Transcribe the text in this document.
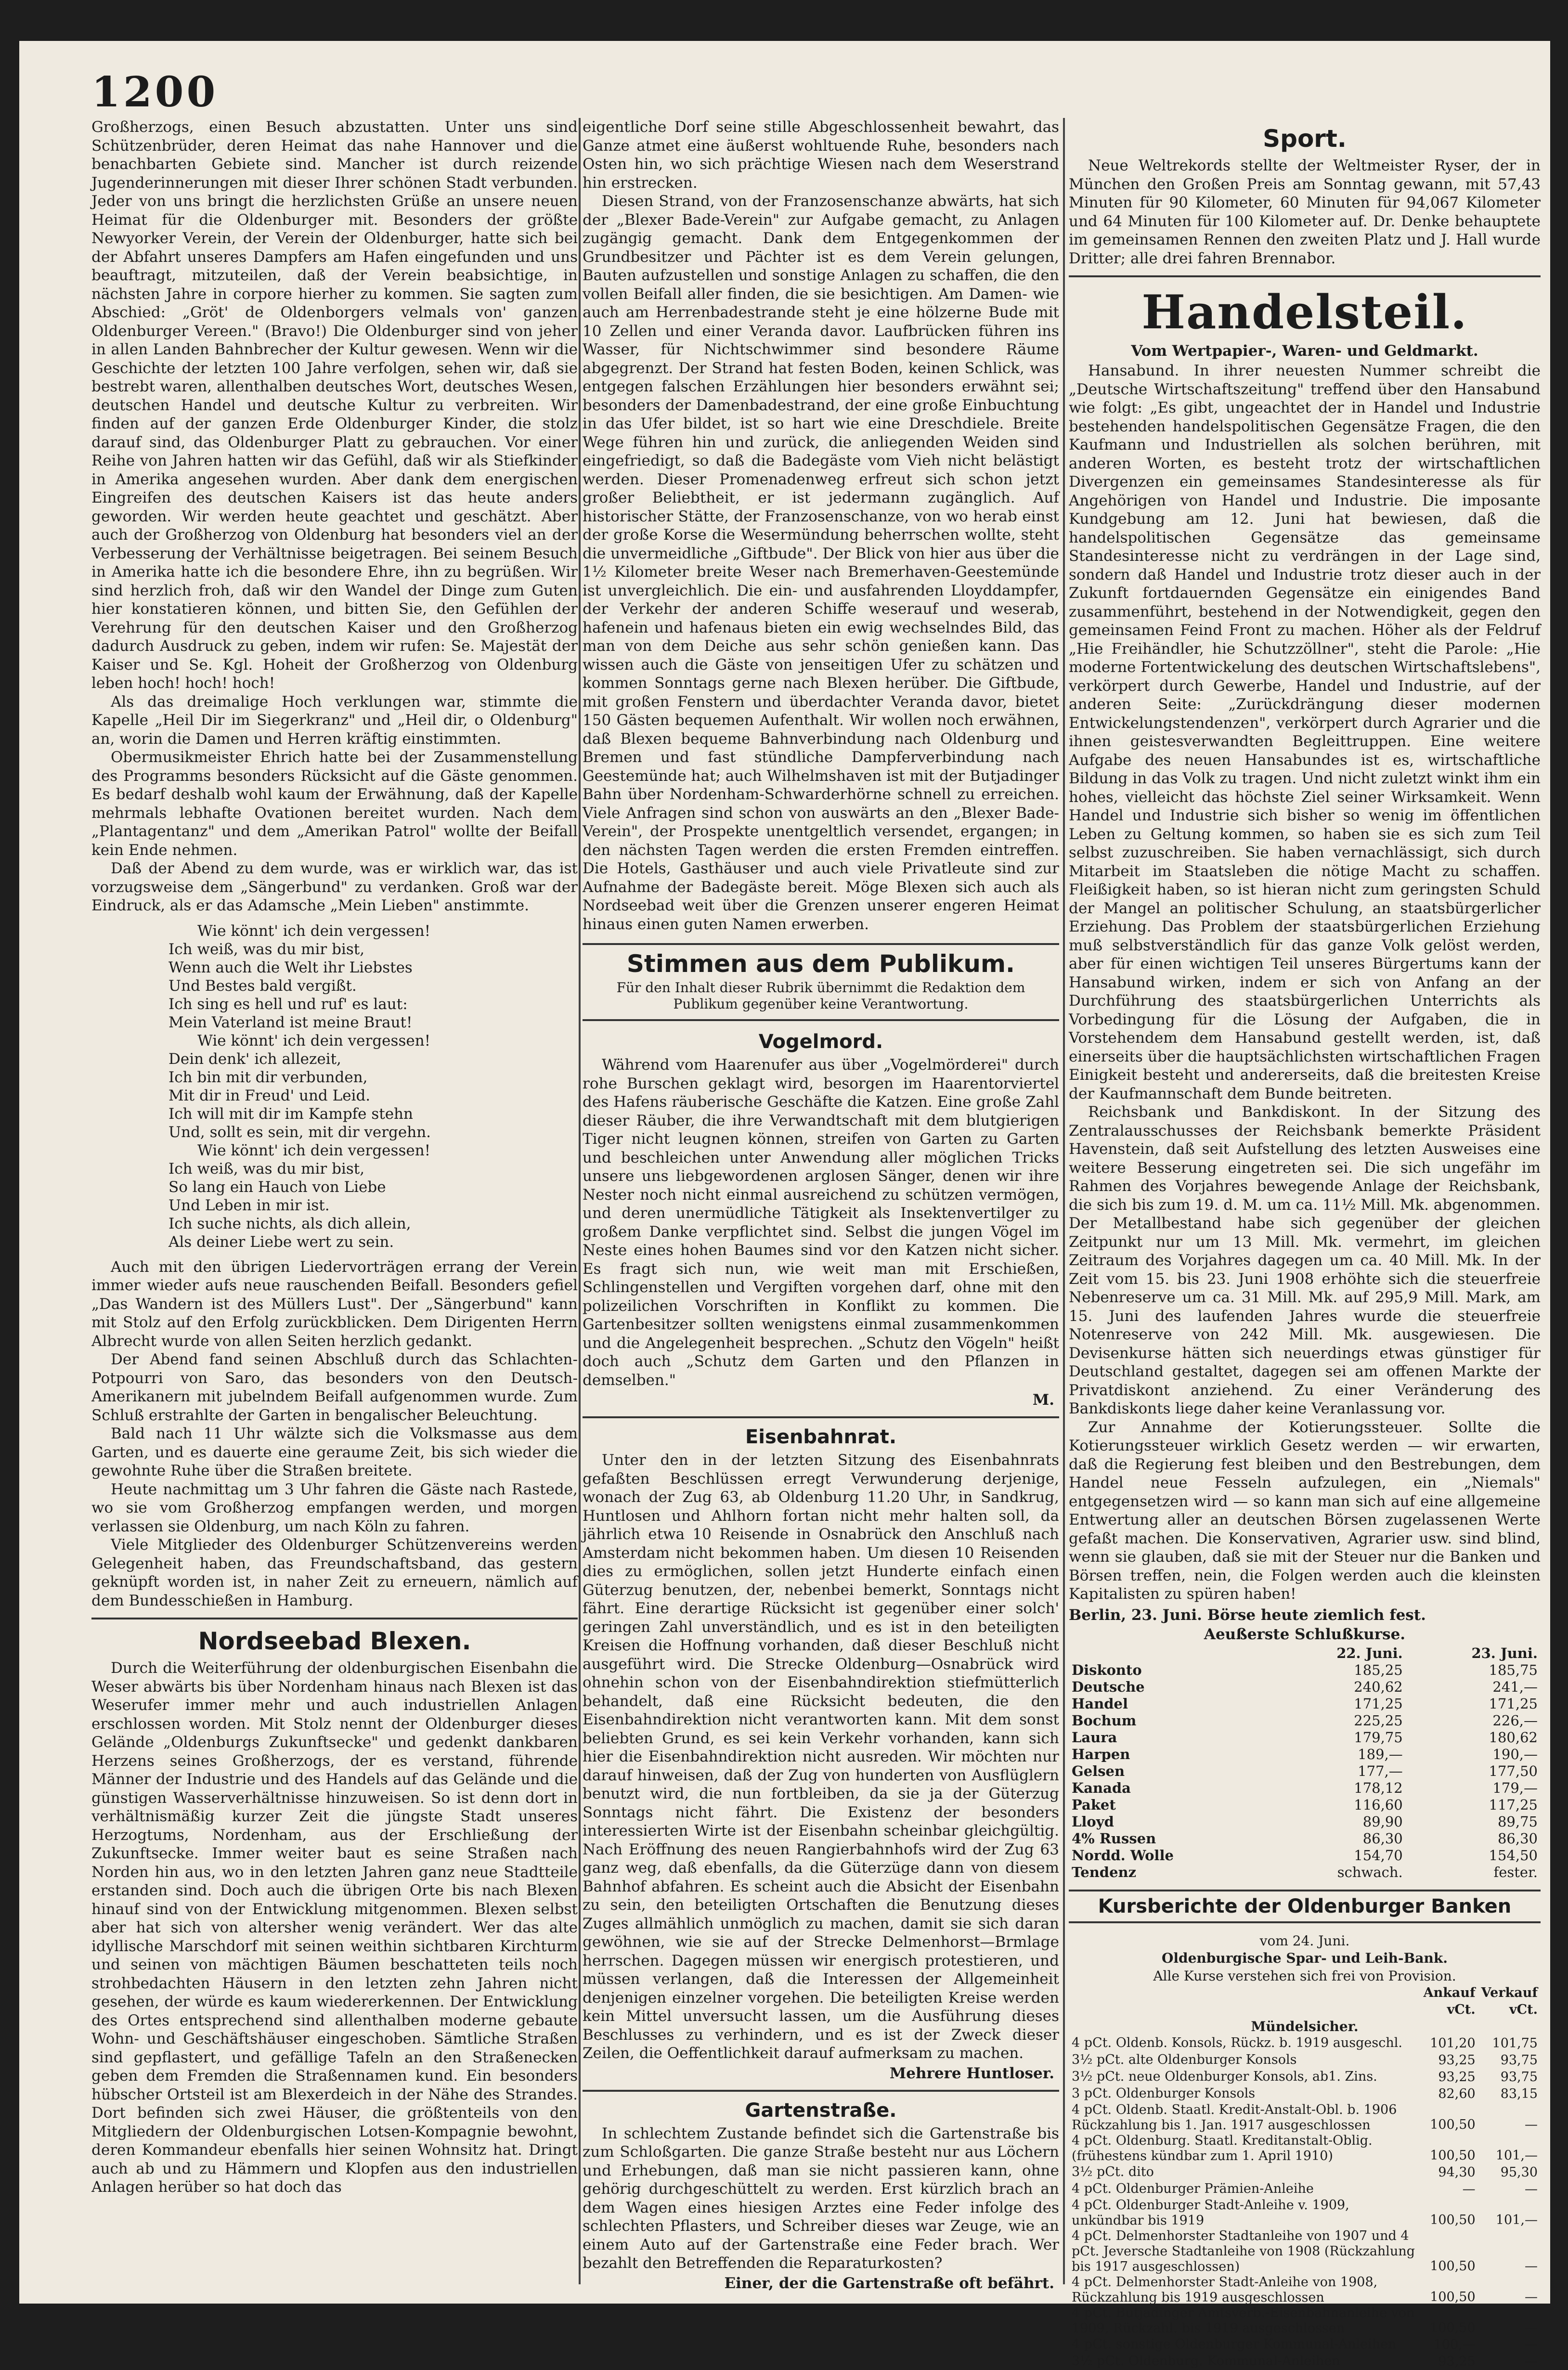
1200

Großherzogs, einen Besuch abzustatten. Unter uns sind Schützenbrüder, deren Heimat das nahe Hannover und die benachbarten Gebiete sind. Mancher ist durch reizende Jugenderinnerungen mit dieser Ihrer schönen Stadt verbunden. Jeder von uns bringt die herzlichsten Grüße an unsere neuen Heimat für die Oldenburger mit. Besonders der größte Newyorker Verein, der Verein der Oldenburger, hatte sich bei der Abfahrt unseres Dampfers am Hafen eingefunden und uns beauftragt, mitzuteilen, daß der Verein beabsichtige, in nächsten Jahre in corpore hierher zu kommen. Sie sagten zum Abschied: „Gröt' de Oldenborgers velmals von' ganzen Oldenburger Vereen." (Bravo!) Die Oldenburger sind von jeher in allen Landen Bahnbrecher der Kultur gewesen. Wenn wir die Geschichte der letzten 100 Jahre verfolgen, sehen wir, daß sie bestrebt waren, allenthalben deutsches Wort, deutsches Wesen, deutschen Handel und deutsche Kultur zu verbreiten. Wir finden auf der ganzen Erde Oldenburger Kinder, die stolz darauf sind, das Oldenburger Platt zu gebrauchen. Vor einer Reihe von Jahren hatten wir das Gefühl, daß wir als Stiefkinder in Amerika angesehen wurden. Aber dank dem energischen Eingreifen des deutschen Kaisers ist das heute anders geworden. Wir werden heute geachtet und geschätzt. Aber auch der Großherzog von Oldenburg hat besonders viel an der Verbesserung der Verhältnisse beigetragen. Bei seinem Besuch in Amerika hatte ich die besondere Ehre, ihn zu begrüßen. Wir sind herzlich froh, daß wir den Wandel der Dinge zum Guten hier konstatieren können, und bitten Sie, den Gefühlen der Verehrung für den deutschen Kaiser und den Großherzog dadurch Ausdruck zu geben, indem wir rufen: Se. Majestät der Kaiser und Se. Kgl. Hoheit der Großherzog von Oldenburg leben hoch! hoch! hoch!

Als das dreimalige Hoch verklungen war, stimmte die Kapelle „Heil Dir im Siegerkranz" und „Heil dir, o Oldenburg" an, worin die Damen und Herren kräftig einstimmten.

Obermusikmeister Ehrich hatte bei der Zusammenstellung des Programms besonders Rücksicht auf die Gäste genommen. Es bedarf deshalb wohl kaum der Erwähnung, daß der Kapelle mehrmals lebhafte Ovationen bereitet wurden. Nach dem „Plantagentanz" und dem „Amerikan Patrol" wollte der Beifall kein Ende nehmen.

Daß der Abend zu dem wurde, was er wirklich war, das ist vorzugsweise dem „Sängerbund" zu verdanken. Groß war der Eindruck, als er das Adamsche „Mein Lieben" anstimmte.

Wie könnt' ich dein vergessen!
Ich weiß, was du mir bist,
Wenn auch die Welt ihr Liebstes
Und Bestes bald vergißt.
Ich sing es hell und ruf' es laut:
Mein Vaterland ist meine Braut!
Wie könnt' ich dein vergessen!
Dein denk' ich allezeit,
Ich bin mit dir verbunden,
Mit dir in Freud' und Leid.
Ich will mit dir im Kampfe stehn
Und, sollt es sein, mit dir vergehn.
Wie könnt' ich dein vergessen!
Ich weiß, was du mir bist,
So lang ein Hauch von Liebe
Und Leben in mir ist.
Ich suche nichts, als dich allein,
Als deiner Liebe wert zu sein.

Auch mit den übrigen Liedervorträgen errang der Verein immer wieder aufs neue rauschenden Beifall. Besonders gefiel „Das Wandern ist des Müllers Lust". Der „Sängerbund" kann mit Stolz auf den Erfolg zurückblicken. Dem Dirigenten Herrn Albrecht wurde von allen Seiten herzlich gedankt.

Der Abend fand seinen Abschluß durch das Schlachten-Potpourri von Saro, das besonders von den Deutsch-Amerikanern mit jubelndem Beifall aufgenommen wurde. Zum Schluß erstrahlte der Garten in bengalischer Beleuchtung.

Bald nach 11 Uhr wälzte sich die Volksmasse aus dem Garten, und es dauerte eine geraume Zeit, bis sich wieder die gewohnte Ruhe über die Straßen breitete.

Heute nachmittag um 3 Uhr fahren die Gäste nach Rastede, wo sie vom Großherzog empfangen werden, und morgen verlassen sie Oldenburg, um nach Köln zu fahren.

Viele Mitglieder des Oldenburger Schützenvereins werden Gelegenheit haben, das Freundschaftsband, das gestern geknüpft worden ist, in naher Zeit zu erneuern, nämlich auf dem Bundesschießen in Hamburg.

Nordseebad Blexen.

Durch die Weiterführung der oldenburgischen Eisenbahn die Weser abwärts bis über Nordenham hinaus nach Blexen ist das Weserufer immer mehr und auch industriellen Anlagen erschlossen worden. Mit Stolz nennt der Oldenburger dieses Gelände „Oldenburgs Zukunftsecke" und gedenkt dankbaren Herzens seines Großherzogs, der es verstand, führende Männer der Industrie und des Handels auf das Gelände und die günstigen Wasserverhältnisse hinzuweisen. So ist denn dort in verhältnismäßig kurzer Zeit die jüngste Stadt unseres Herzogtums, Nordenham, aus der Erschließung der Zukunftsecke. Immer weiter baut es seine Straßen nach Norden hin aus, wo in den letzten Jahren ganz neue Stadtteile erstanden sind. Doch auch die übrigen Orte bis nach Blexen hinauf sind von der Entwicklung mitgenommen. Blexen selbst aber hat sich von altersher wenig verändert. Wer das alte idyllische Marschdorf mit seinen weithin sichtbaren Kirchturm und seinen von mächtigen Bäumen beschatteten teils noch strohbedachten Häusern in den letzten zehn Jahren nicht gesehen, der würde es kaum wiedererkennen. Der Entwicklung des Ortes entsprechend sind allenthalben moderne gebaute Wohn- und Geschäftshäuser eingeschoben. Sämtliche Straßen sind gepflastert, und gefällige Tafeln an den Straßenecken geben dem Fremden die Straßennamen kund. Ein besonders hübscher Ortsteil ist am Blexerdeich in der Nähe des Strandes. Dort befinden sich zwei Häuser, die größtenteils von den Mitgliedern der Oldenburgischen Lotsen-Kompagnie bewohnt, deren Kommandeur ebenfalls hier seinen Wohnsitz hat. Dringt auch ab und zu Hämmern und Klopfen aus den industriellen Anlagen herüber so hat doch das

eigentliche Dorf seine stille Abgeschlossenheit bewahrt, das Ganze atmet eine äußerst wohltuende Ruhe, besonders nach Osten hin, wo sich prächtige Wiesen nach dem Weserstrand hin erstrecken.

Diesen Strand, von der Franzosenschanze abwärts, hat sich der „Blexer Bade-Verein" zur Aufgabe gemacht, zu Anlagen zugängig gemacht. Dank dem Entgegenkommen der Grundbesitzer und Pächter ist es dem Verein gelungen, Bauten aufzustellen und sonstige Anlagen zu schaffen, die den vollen Beifall aller finden, die sie besichtigen. Am Damen- wie auch am Herrenbadestrande steht je eine hölzerne Bude mit 10 Zellen und einer Veranda davor. Laufbrücken führen ins Wasser, für Nichtschwimmer sind besondere Räume abgegrenzt. Der Strand hat festen Boden, keinen Schlick, was entgegen falschen Erzählungen hier besonders erwähnt sei; besonders der Damenbadestrand, der eine große Einbuchtung in das Ufer bildet, ist so hart wie eine Dreschdiele. Breite Wege führen hin und zurück, die anliegenden Weiden sind eingefriedigt, so daß die Badegäste vom Vieh nicht belästigt werden. Dieser Promenadenweg erfreut sich schon jetzt großer Beliebtheit, er ist jedermann zugänglich. Auf historischer Stätte, der Franzosenschanze, von wo herab einst der große Korse die Wesermündung beherrschen wollte, steht die unvermeidliche „Giftbude". Der Blick von hier aus über die 1½ Kilometer breite Weser nach Bremerhaven-Geestemünde ist unvergleichlich. Die ein- und ausfahrenden Lloyddampfer, der Verkehr der anderen Schiffe weserauf und weserab, hafenein und hafenaus bieten ein ewig wechselndes Bild, das man von dem Deiche aus sehr schön genießen kann. Das wissen auch die Gäste von jenseitigen Ufer zu schätzen und kommen Sonntags gerne nach Blexen herüber. Die Giftbude, mit großen Fenstern und überdachter Veranda davor, bietet 150 Gästen bequemen Aufenthalt. Wir wollen noch erwähnen, daß Blexen bequeme Bahnverbindung nach Oldenburg und Bremen und fast stündliche Dampferverbindung nach Geestemünde hat; auch Wilhelmshaven ist mit der Butjadinger Bahn über Nordenham-Schwarderhörne schnell zu erreichen. Viele Anfragen sind schon von auswärts an den „Blexer Bade-Verein", der Prospekte unentgeltlich versendet, ergangen; in den nächsten Tagen werden die ersten Fremden eintreffen. Die Hotels, Gasthäuser und auch viele Privatleute sind zur Aufnahme der Badegäste bereit. Möge Blexen sich auch als Nordseebad weit über die Grenzen unserer engeren Heimat hinaus einen guten Namen erwerben.

Stimmen aus dem Publikum.
Für den Inhalt dieser Rubrik übernimmt die Redaktion dem Publikum gegenüber keine Verantwortung.
Vogelmord.

Während vom Haarenufer aus über „Vogelmörderei" durch rohe Burschen geklagt wird, besorgen im Haarentorviertel des Hafens räuberische Geschäfte die Katzen. Eine große Zahl dieser Räuber, die ihre Verwandtschaft mit dem blutgierigen Tiger nicht leugnen können, streifen von Garten zu Garten und beschleichen unter Anwendung aller möglichen Tricks unsere uns liebgewordenen arglosen Sänger, denen wir ihre Nester noch nicht einmal ausreichend zu schützen vermögen, und deren unermüdliche Tätigkeit als Insektenvertilger zu großem Danke verpflichtet sind. Selbst die jungen Vögel im Neste eines hohen Baumes sind vor den Katzen nicht sicher. Es fragt sich nun, wie weit man mit Erschießen, Schlingenstellen und Vergiften vorgehen darf, ohne mit den polizeilichen Vorschriften in Konflikt zu kommen. Die Gartenbesitzer sollten wenigstens einmal zusammenkommen und die Angelegenheit besprechen. „Schutz den Vögeln" heißt doch auch „Schutz dem Garten und den Pflanzen in demselben."

M.
Eisenbahnrat.

Unter den in der letzten Sitzung des Eisenbahnrats gefaßten Beschlüssen erregt Verwunderung derjenige, wonach der Zug 63, ab Oldenburg 11.20 Uhr, in Sandkrug, Huntlosen und Ahlhorn fortan nicht mehr halten soll, da jährlich etwa 10 Reisende in Osnabrück den Anschluß nach Amsterdam nicht bekommen haben. Um diesen 10 Reisenden dies zu ermöglichen, sollen jetzt Hunderte einfach einen Güterzug benutzen, der, nebenbei bemerkt, Sonntags nicht fährt. Eine derartige Rücksicht ist gegenüber einer solch' geringen Zahl unverständlich, und es ist in den beteiligten Kreisen die Hoffnung vorhanden, daß dieser Beschluß nicht ausgeführt wird. Die Strecke Oldenburg—Osnabrück wird ohnehin schon von der Eisenbahndirektion stiefmütterlich behandelt, daß eine Rücksicht bedeuten, die den Eisenbahndirektion nicht verantworten kann. Mit dem sonst beliebten Grund, es sei kein Verkehr vorhanden, kann sich hier die Eisenbahndirektion nicht ausreden. Wir möchten nur darauf hinweisen, daß der Zug von hunderten von Ausflüglern benutzt wird, die nun fortbleiben, da sie ja der Güterzug Sonntags nicht fährt. Die Existenz der besonders interessierten Wirte ist der Eisenbahn scheinbar gleichgültig. Nach Eröffnung des neuen Rangierbahnhofs wird der Zug 63 ganz weg, daß ebenfalls, da die Güterzüge dann von diesem Bahnhof abfahren. Es scheint auch die Absicht der Eisenbahn zu sein, den beteiligten Ortschaften die Benutzung dieses Zuges allmählich unmöglich zu machen, damit sie sich daran gewöhnen, wie sie auf der Strecke Delmenhorst—Brmlage herrschen. Dagegen müssen wir energisch protestieren, und müssen verlangen, daß die Interessen der Allgemeinheit denjenigen einzelner vorgehen. Die beteiligten Kreise werden kein Mittel unversucht lassen, um die Ausführung dieses Beschlusses zu verhindern, und es ist der Zweck dieser Zeilen, die Oeffentlichkeit darauf aufmerksam zu machen.

Mehrere Huntloser.
Gartenstraße.

In schlechtem Zustande befindet sich die Gartenstraße bis zum Schloßgarten. Die ganze Straße besteht nur aus Löchern und Erhebungen, daß man sie nicht passieren kann, ohne gehörig durchgeschüttelt zu werden. Erst kürzlich brach an dem Wagen eines hiesigen Arztes eine Feder infolge des schlechten Pflasters, und Schreiber dieses war Zeuge, wie an einem Auto auf der Gartenstraße eine Feder brach. Wer bezahlt den Betreffenden die Reparaturkosten?

Einer, der die Gartenstraße oft befährt.
Sport.

Neue Weltrekords stellte der Weltmeister Ryser, der in München den Großen Preis am Sonntag gewann, mit 57,43 Minuten für 90 Kilometer, 60 Minuten für 94,067 Kilometer und 64 Minuten für 100 Kilometer auf. Dr. Denke behauptete im gemeinsamen Rennen den zweiten Platz und J. Hall wurde Dritter; alle drei fahren Brennabor.

Handelsteil.
Vom Wertpapier-, Waren- und Geldmarkt.

Hansabund. In ihrer neuesten Nummer schreibt die „Deutsche Wirtschaftszeitung" treffend über den Hansabund wie folgt: „Es gibt, ungeachtet der in Handel und Industrie bestehenden handelspolitischen Gegensätze Fragen, die den Kaufmann und Industriellen als solchen berühren, mit anderen Worten, es besteht trotz der wirtschaftlichen Divergenzen ein gemeinsames Standesinteresse als für Angehörigen von Handel und Industrie. Die imposante Kundgebung am 12. Juni hat bewiesen, daß die handelspolitischen Gegensätze das gemeinsame Standesinteresse nicht zu verdrängen in der Lage sind, sondern daß Handel und Industrie trotz dieser auch in der Zukunft fortdauernden Gegensätze ein einigendes Band zusammenführt, bestehend in der Notwendigkeit, gegen den gemeinsamen Feind Front zu machen. Höher als der Feldruf „Hie Freihändler, hie Schutzzöllner", steht die Parole: „Hie moderne Fortentwickelung des deutschen Wirtschaftslebens", verkörpert durch Gewerbe, Handel und Industrie, auf der anderen Seite: „Zurückdrängung dieser modernen Entwickelungstendenzen", verkörpert durch Agrarier und die ihnen geistesverwandten Begleittruppen. Eine weitere Aufgabe des neuen Hansabundes ist es, wirtschaftliche Bildung in das Volk zu tragen. Und nicht zuletzt winkt ihm ein hohes, vielleicht das höchste Ziel seiner Wirksamkeit. Wenn Handel und Industrie sich bisher so wenig im öffentlichen Leben zu Geltung kommen, so haben sie es sich zum Teil selbst zuzuschreiben. Sie haben vernachlässigt, sich durch Mitarbeit im Staatsleben die nötige Macht zu schaffen. Fleißigkeit haben, so ist hieran nicht zum geringsten Schuld der Mangel an politischer Schulung, an staatsbürgerlicher Erziehung. Das Problem der staatsbürgerlichen Erziehung muß selbstverständlich für das ganze Volk gelöst werden, aber für einen wichtigen Teil unseres Bürgertums kann der Hansabund wirken, indem er sich von Anfang an der Durchführung des staatsbürgerlichen Unterrichts als Vorbedingung für die Lösung der Aufgaben, die in Vorstehendem dem Hansabund gestellt werden, ist, daß einerseits über die hauptsächlichsten wirtschaftlichen Fragen Einigkeit besteht und andererseits, daß die breitesten Kreise der Kaufmannschaft dem Bunde beitreten.

Reichsbank und Bankdiskont. In der Sitzung des Zentralausschusses der Reichsbank bemerkte Präsident Havenstein, daß seit Aufstellung des letzten Ausweises eine weitere Besserung eingetreten sei. Die sich ungefähr im Rahmen des Vorjahres bewegende Anlage der Reichsbank, die sich bis zum 19. d. M. um ca. 11½ Mill. Mk. abgenommen. Der Metallbestand habe sich gegenüber der gleichen Zeitpunkt nur um 13 Mill. Mk. vermehrt, im gleichen Zeitraum des Vorjahres dagegen um ca. 40 Mill. Mk. In der Zeit vom 15. bis 23. Juni 1908 erhöhte sich die steuerfreie Nebenreserve um ca. 31 Mill. Mk. auf 295,9 Mill. Mark, am 15. Juni des laufenden Jahres wurde die steuerfreie Notenreserve von 242 Mill. Mk. ausgewiesen. Die Devisenkurse hätten sich neuerdings etwas günstiger für Deutschland gestaltet, dagegen sei am offenen Markte der Privatdiskont anziehend. Zu einer Veränderung des Bankdiskonts liege daher keine Veranlassung vor.

Zur Annahme der Kotierungssteuer. Sollte die Kotierungssteuer wirklich Gesetz werden — wir erwarten, daß die Regierung fest bleiben und den Bestrebungen, dem Handel neue Fesseln aufzulegen, ein „Niemals" entgegensetzen wird — so kann man sich auf eine allgemeine Entwertung aller an deutschen Börsen zugelassenen Werte gefaßt machen. Die Konservativen, Agrarier usw. sind blind, wenn sie glauben, daß sie mit der Steuer nur die Banken und Börsen treffen, nein, die Folgen werden auch die kleinsten Kapitalisten zu spüren haben!

Berlin, 23. Juni. Börse heute ziemlich fest.
Aeußerste Schlußkurse.
	22. Juni.	23. Juni.
Diskonto	185,25	185,75
Deutsche	240,62	241,—
Handel	171,25	171,25
Bochum	225,25	226,—
Laura	179,75	180,62
Harpen	189,—	190,—
Gelsen	177,—	177,50
Kanada	178,12	179,—
Paket	116,60	117,25
Lloyd	89,90	89,75
4% Russen	86,30	86,30
Nordd. Wolle	154,70	154,50
Tendenz	schwach.	fester.
Kursberichte der Oldenburger Banken
vom 24. Juni.
Oldenburgische Spar- und Leih-Bank.
Alle Kurse verstehen sich frei von Provision.
	Ankauf	Verkauf
	vCt.	vCt.
Mündelsicher.		
4 pCt. Oldenb. Konsols, Rückz. b. 1919 ausgeschl.	101,20	101,75
3½ pCt. alte Oldenburger Konsols	93,25	93,75
3½ pCt. neue Oldenburger Konsols, ab1. Zins.	93,25	93,75
3 pCt. Oldenburger Konsols	82,60	83,15
4 pCt. Oldenb. Staatl. Kredit-Anstalt-Obl. b. 1906 Rückzahlung bis 1. Jan. 1917 ausgeschlossen	100,50	—
4 pCt. Oldenburg. Staatl. Kreditanstalt-Oblig. (frühestens kündbar zum 1. April 1910)	100,50	101,—
3½ pCt. dito	94,30	95,30
4 pCt. Oldenburger Prämien-Anleihe	—	—
4 pCt. Oldenburger Stadt-Anleihe v. 1909, unkündbar bis 1919	100,50	101,—
4 pCt. Delmenhorster Stadtanleihe von 1907 und 4 pCt. Jeversche Stadtanleihe von 1908 (Rückzahlung bis 1917 ausgeschlossen)	100,50	—
4 pCt. Delmenhorster Stadt-Anleihe von 1908, Rückzahlung bis 1919 ausgeschlossen	100,50	—
4 pCt. Butjadinger Amtsverb.-Eisenbahnanleihe von 1909, Rückzahl. bis 1919 ausgeschlossen	100,50	—
4 pCt. sonstige Oldenburger Kommunal-Anleihen	100,—	—
3½ pCt. Oldenburg. Kommunal-Anleihen	93,25	—
